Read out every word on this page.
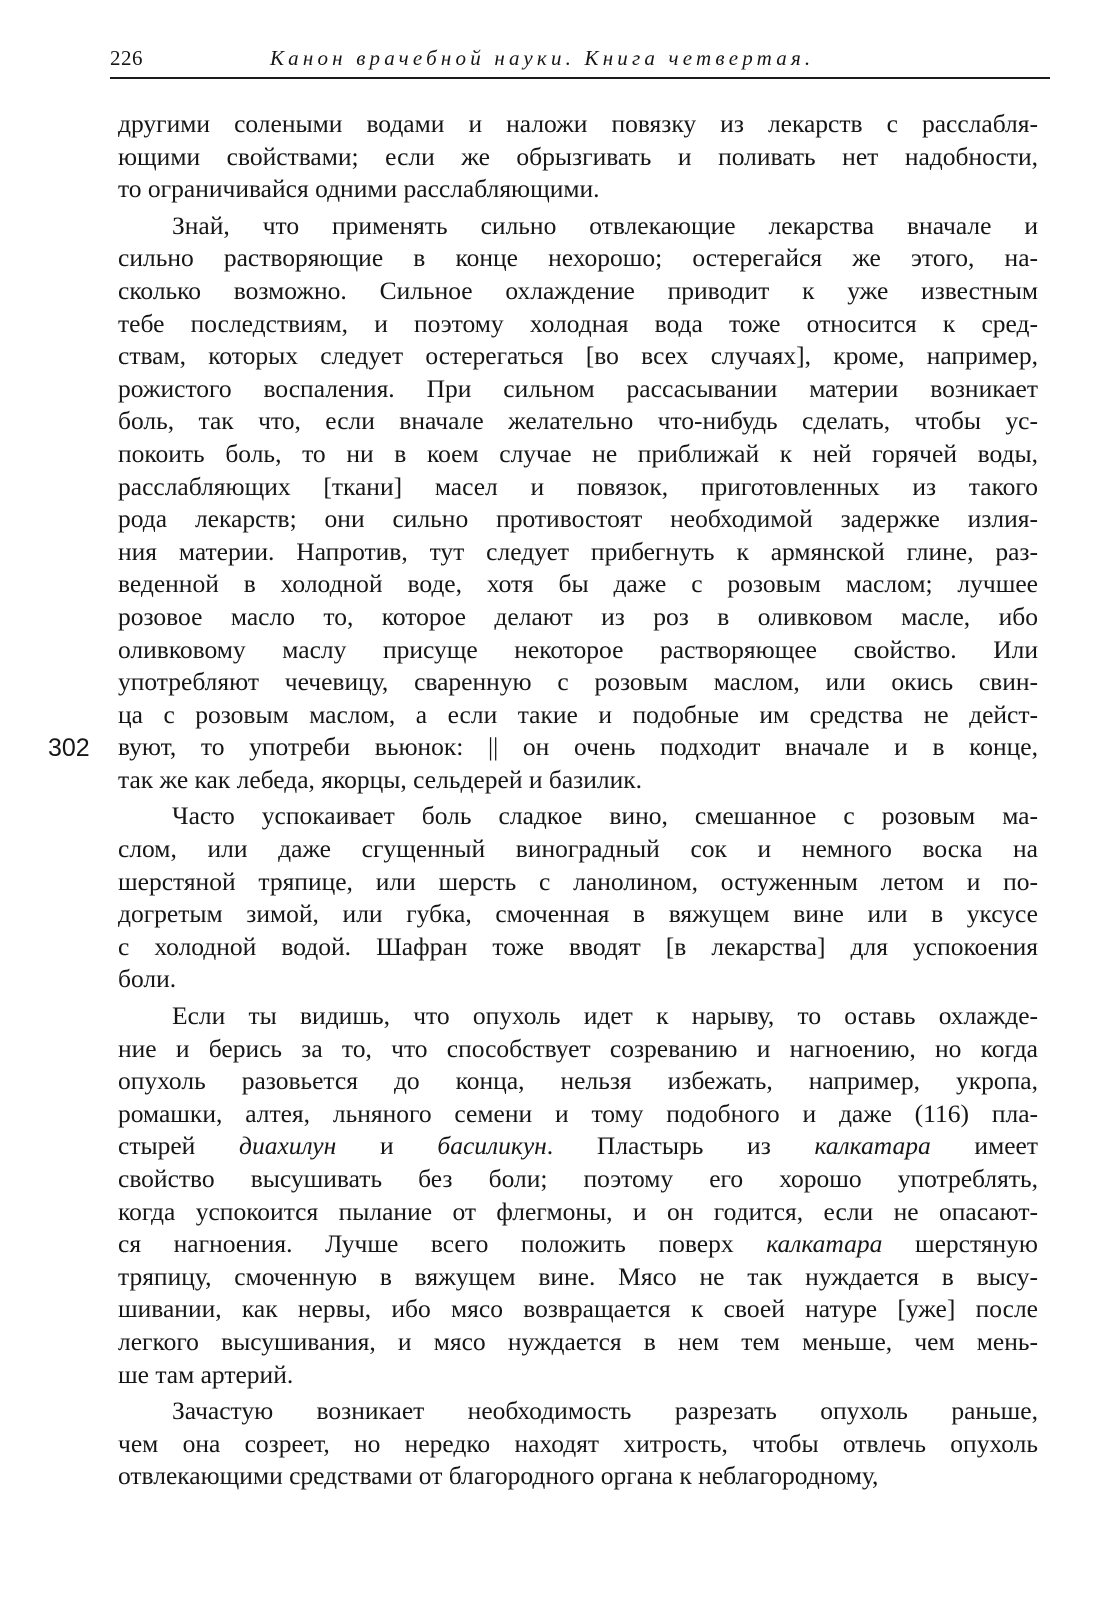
226	Канон врачебной науки. Книга четвертая.
302
другими солеными водами и наложи повязку из лекарств с расслабля-
ющими свойствами; если же обрызгивать и поливать нет надобности,
то ограничивайся одними расслабляющими.
Знай, что применять сильно отвлекающие лекарства вначале и
сильно растворяющие в конце нехорошо; остерегайся же этого, на-
сколько возможно. Сильное охлаждение приводит к уже известным
тебе последствиям, и поэтому холодная вода тоже относится к сред-
ствам, которых следует остерегаться [во всех случаях], кроме, например,
рожистого воспаления. При сильном рассасывании материи возникает
боль, так что, если вначале желательно что-нибудь сделать, чтобы ус-
покоить боль, то ни в коем случае не приближай к ней горячей воды,
расслабляющих [ткани] масел и повязок, приготовленных из такого
рода лекарств; они сильно противостоят необходимой задержке излия-
ния материи. Напротив, тут следует прибегнуть к армянской глине, раз-
веденной в холодной воде, хотя бы даже с розовым маслом; лучшее
розовое масло то, которое делают из роз в оливковом масле, ибо
оливковому маслу присуще некоторое растворяющее свойство. Или
употребляют чечевицу, сваренную с розовым маслом, или окись свин-
ца с розовым маслом, а если такие и подобные им средства не дейст-
вуют, то употреби вьюнок: || он очень подходит вначале и в конце,
так же как лебеда, якорцы, сельдерей и базилик.
Часто успокаивает боль сладкое вино, смешанное с розовым ма-
слом, или даже сгущенный виноградный сок и немного воска на
шерстяной тряпице, или шерсть с ланолином, остуженным летом и по-
догретым зимой, или губка, смоченная в вяжущем вине или в уксусе
с холодной водой. Шафран тоже вводят [в лекарства] для успокоения
боли.
Если ты видишь, что опухоль идет к нарыву, то оставь охлажде-
ние и берись за то, что способствует созреванию и нагноению, но когда
опухоль разовьется до конца, нельзя избежать, например, укропа,
ромашки, алтея, льняного семени и тому подобного и даже (116) пла-
стырей диахилун и басиликун. Пластырь из калкатара имеет
свойство высушивать без боли; поэтому его хорошо употреблять,
когда успокоится пылание от флегмоны, и он годится, если не опасают-
ся нагноения. Лучше всего положить поверх калкатара шерстяную
тряпицу, смоченную в вяжущем вине. Мясо не так нуждается в высу-
шивании, как нервы, ибо мясо возвращается к своей натуре [уже] после
легкого высушивания, и мясо нуждается в нем тем меньше, чем мень-
ше там артерий.
Зачастую возникает необходимость разрезать опухоль раньше,
чем она созреет, но нередко находят хитрость, чтобы отвлечь опухоль
отвлекающими средствами от благородного органа к неблагородному,
